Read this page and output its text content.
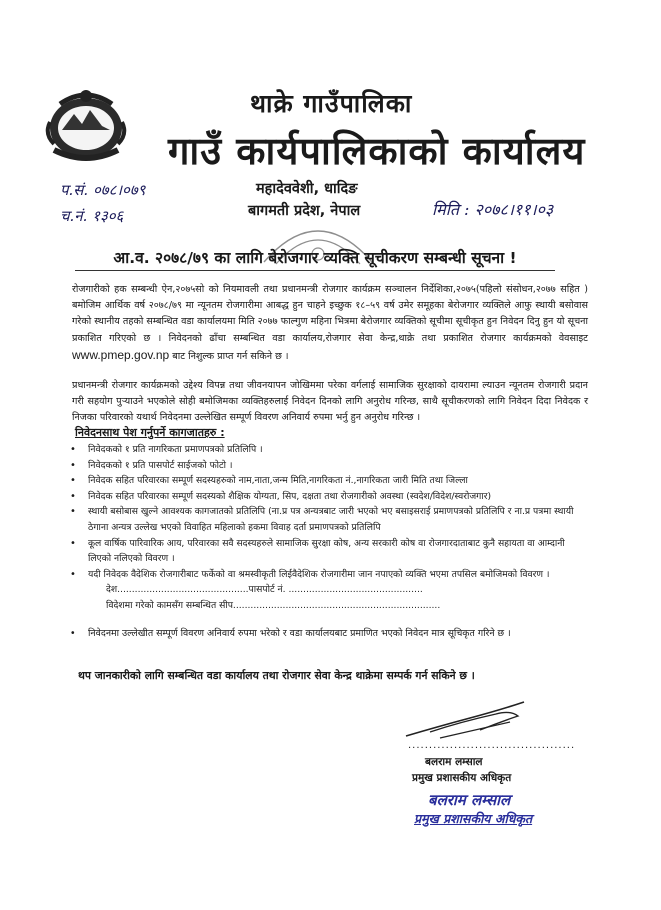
थाक्रे गाउँपालिका
गाउँ कार्यपालिकाको कार्यालय
महादेववेशी, धादिङ
बागमती प्रदेश, नेपाल
प.सं. ०७८।०७९
च.नं. १३०६	मिति : २०७८।११।०३
आ.व. २०७८/७९ का लागि बेरोजगार व्यक्ति सूचीकरण सम्बन्धी सूचना !
रोजगारीको हक सम्बन्धी ऐन,२०७५सो को नियमावली तथा प्रधानमन्त्री रोजगार कार्यक्रम सञ्चालन निर्देशिका,२०७५(पहिलो संसोधन,२०७७ सहित ) बमोजिम आर्थिक वर्ष २०७८/७९ मा न्यूनतम रोजगारीमा आबद्ध हुन चाहने इच्छुक १८–५९ वर्ष उमेर समूहका बेरोजगार व्यक्तिले आफु स्थायी बसोवास गरेको स्थानीय तहको सम्बन्धित वडा कार्यालयमा मिति २०७७ फाल्गुण महिना भित्रमा बेरोजगार व्यक्तिको सूचीमा सूचीकृत हुन निवेदन दिनु हुन यो सूचना प्रकाशित गरिएको छ । निवेदनको ढाँचा सम्बन्धित वडा कार्यालय,रोजगार सेवा केन्द्र,थाक्रे तथा प्रकाशित रोजगार कार्यक्रमको वेवसाइट www.pmep.gov.np बाट निशुल्क प्राप्त गर्न सकिने छ ।
प्रधानमन्त्री रोजगार कार्यक्रमको उद्देश्य विपन्न तथा जीवनयापन जोखिममा परेका वर्गलाई सामाजिक सुरक्षाको दायरामा ल्याउन न्यूनतम रोजगारी प्रदान गरी सहयोग पुऱ्याउने भएकोले सोही बमोजिमका व्यक्तिहरुलाई निवेदन दिनको लागि अनुरोध गरिन्छ, साथै सूचीकरणको लागि निवेदन दिदा निवेदक र निजका परिवारको यथार्थ निवेदनमा उल्लेखित सम्पूर्ण विवरण अनिवार्य रुपमा भर्नु हुन अनुरोध गरिन्छ ।
निवेदनसाथ पेश गर्नुपर्ने कागजातहरु :
• निवेदकको १ प्रति नागरिकता प्रमाणपत्रको प्रतिलिपि ।
• निवेदकको १ प्रति पासपोर्ट साईजको फोटो ।
• निवेदक सहित परिवारका सम्पूर्ण सदस्यहरुको नाम,नाता,जन्म मिति,नागरिकता नं.,नागरिकता जारी मिति तथा जिल्ला
• निवेदक सहित परिवारका सम्पूर्ण सदस्यको शैक्षिक योग्यता, सिप, दक्षता तथा रोजगारीको अवस्था (स्वदेश/विदेश/स्वरोजगार)
• स्थायी बसोबास खुल्ने आवश्यक कागजातको प्रतिलिपि (ना.प्र पत्र अन्यत्रबाट जारी भएको भए बसाइसराई प्रमाणपत्रको प्रतिलिपि र ना.प्र पत्रमा स्थायी ठेगाना अन्यत्र उल्लेख भएको विवाहित महिलाको हकमा विवाह दर्ता प्रमाणपत्रको प्रतिलिपि
• कूल वार्षिक पारिवारिक आय, परिवारका सवै सदस्यहरुले सामाजिक सुरक्षा कोष, अन्य सरकारी कोष वा रोजगारदाताबाट कुनै सहायता वा आम्दानी लिएको नलिएको विवरण ।
• यदी निवेदक वैदेशिक रोजगारीबाट फर्केको वा श्रमस्वीकृती लिईवैदेशिक रोजगारीमा जान नपाएको व्यक्ति भएमा तपसिल बमोजिमको विवरण ।
देश.............................................पासपोर्ट नं. ..............................................
विदेशमा गरेको कामसँग सम्बन्धित सीप.......................................................................
•	निवेदनमा उल्लेखीत सम्पूर्ण विवरण अनिवार्य रुपमा भरेको र वडा कार्यालयबाट प्रमाणित भएको निवेदन मात्र सूचिकृत गरिने छ ।
थप जानकारीको लागि सम्बन्धित वडा कार्यालय तथा रोजगार सेवा केन्द्र थाक्रेमा सम्पर्क गर्न सकिने छ ।
........................................
बलराम लम्साल
प्रमुख प्रशासकीय अधिकृत
बलराम लम्साल
प्रमुख प्रशासकीय अधिकृत
